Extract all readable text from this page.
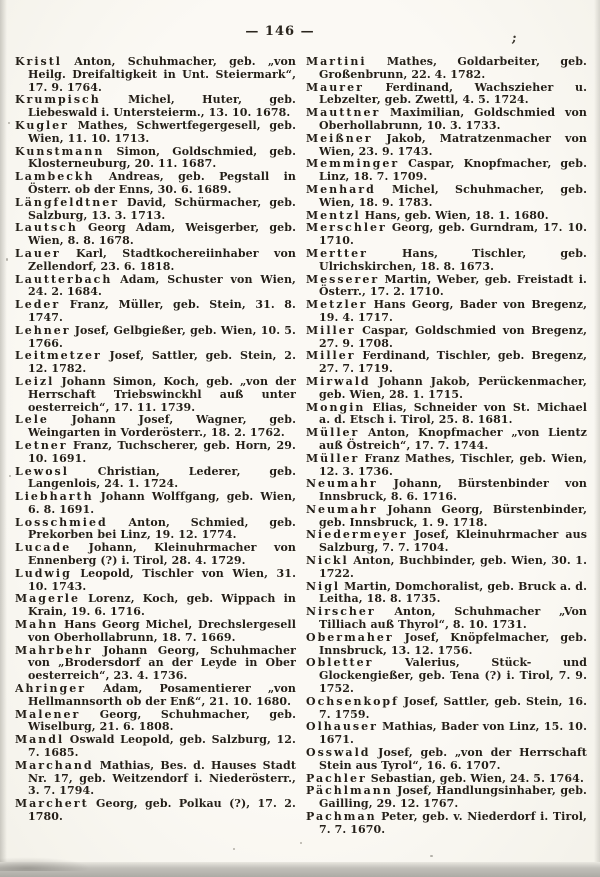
— 146 —	;

Kristl Anton, Schuhmacher, geb. „von Heilg. Dreifaltigkeit in Unt. Steiermark“, 17. 9. 1764.

Krumpisch Michel, Huter, geb. Liebeswald i. Untersteierm., 13. 10. 1678.

Kugler Mathes, Schwertfegergesell, geb. Wien, 11. 10. 1713.

Kunstmann Simon, Goldschmied, geb. Klosterneuburg, 20. 11. 1687.

Lambeckh Andreas, geb. Pegstall in Österr. ob der Enns, 30. 6. 1689.

Längfeldtner David, Schürmacher, geb. Salzburg, 13. 3. 1713.

Lautsch Georg Adam, Weisgerber, geb. Wien, 8. 8. 1678.

Lauer Karl, Stadtkochereiinhaber von Zellendorf, 23. 6. 1818.

Lautterbach Adam, Schuster von Wien, 24. 2. 1684.

Leder Franz, Müller, geb. Stein, 31. 8. 1747.

Lehner Josef, Gelbgießer, geb. Wien, 10. 5. 1766.

Leitmetzer Josef, Sattler, geb. Stein, 2. 12. 1782.

Leizl Johann Simon, Koch, geb. „von der Herrschaft Triebswinckhl auß unter oesterreich“, 17. 11. 1739.

Lele Johann Josef, Wagner, geb. Weingarten in Vorderösterr., 18. 2. 1762.

Letner Franz, Tuchscherer, geb. Horn, 29. 10. 1691.

Lewosl Christian, Lederer, geb. Langenlois, 24. 1. 1724.

Liebharth Johann Wolffgang, geb. Wien, 6. 8. 1691.

Losschmied Anton, Schmied, geb. Prekorben bei Linz, 19. 12. 1774.

Lucade Johann, Kleinuhrmacher von Ennenberg (?) i. Tirol, 28. 4. 1729.

Ludwig Leopold, Tischler von Wien, 31. 10. 1743.

Magerle Lorenz, Koch, geb. Wippach in Krain, 19. 6. 1716.

Mahn Hans Georg Michel, Drechslergesell von Oberhollabrunn, 18. 7. 1669.

Mahrbehr Johann Georg, Schuhmacher von „Brodersdorf an der Leyde in Ober oesterreich“, 23. 4. 1736.

Ahringer Adam, Posamentierer „von Hellmannsorth ob der Enß“, 21. 10. 1680.

Malener Georg, Schuhmacher, geb. Wiselburg, 21. 6. 1808.

Mandl Oswald Leopold, geb. Salzburg, 12. 7. 1685.

Marchand Mathias, Bes. d. Hauses Stadt Nr. 17, geb. Weitzendorf i. Niederösterr., 3. 7. 1794.

Marchert Georg, geb. Polkau (?), 17. 2. 1780.

Martini Mathes, Goldarbeiter, geb. Großenbrunn, 22. 4. 1782.

Maurer Ferdinand, Wachszieher u. Lebzelter, geb. Zwettl, 4. 5. 1724.

Mauttner Maximilian, Goldschmied von Oberhollabrunn, 10. 3. 1733.

Meißner Jakob, Matratzenmacher von Wien, 23. 9. 1743.

Memminger Caspar, Knopfmacher, geb. Linz, 18. 7. 1709.

Menhard Michel, Schuhmacher, geb. Wien, 18. 9. 1783.

Mentzl Hans, geb. Wien, 18. 1. 1680.

Merschler Georg, geb. Gurndram, 17. 10. 1710.

Mertter Hans, Tischler, geb. Ulrichskirchen, 18. 8. 1673.

Messerer Martin, Weber, geb. Freistadt i. Österr., 17. 2. 1710.

Metzler Hans Georg, Bader von Bregenz, 19. 4. 1717.

Miller Caspar, Goldschmied von Bregenz, 27. 9. 1708.

Miller Ferdinand, Tischler, geb. Bregenz, 27. 7. 1719.

Mirwald Johann Jakob, Perückenmacher, geb. Wien, 28. 1. 1715.

Mongin Elias, Schneider von St. Michael a. d. Etsch i. Tirol, 25. 8. 1681.

Müller Anton, Knopfmacher „von Lientz auß Östreich“, 17. 7. 1744.

Müller Franz Mathes, Tischler, geb. Wien, 12. 3. 1736.

Neumahr Johann, Bürstenbinder von Innsbruck, 8. 6. 1716.

Neumahr Johann Georg, Bürstenbinder, geb. Innsbruck, 1. 9. 1718.

Niedermeyer Josef, Kleinuhrmacher aus Salzburg, 7. 7. 1704.

Nickl Anton, Buchbinder, geb. Wien, 30. 1. 1722.

Nigl Martin, Domchoralist, geb. Bruck a. d. Leitha, 18. 8. 1735.

Nirscher Anton, Schuhmacher „Von Tilliach auß Thyrol“, 8. 10. 1731.

Obermaher Josef, Knöpfelmacher, geb. Innsbruck, 13. 12. 1756.

Obletter Valerius, Stück- und Glockengießer, geb. Tena (?) i. Tirol, 7. 9. 1752.

Ochsenkopf Josef, Sattler, geb. Stein, 16. 7. 1759.

Olhauser Mathias, Bader von Linz, 15. 10. 1671.

Osswald Josef, geb. „von der Herrschaft Stein aus Tyrol“, 16. 6. 1707.

Pachler Sebastian, geb. Wien, 24. 5. 1764.

Pächlmann Josef, Handlungsinhaber, geb. Gailling, 29. 12. 1767.

Pachman Peter, geb. v. Niederdorf i. Tirol, 7. 7. 1670.
